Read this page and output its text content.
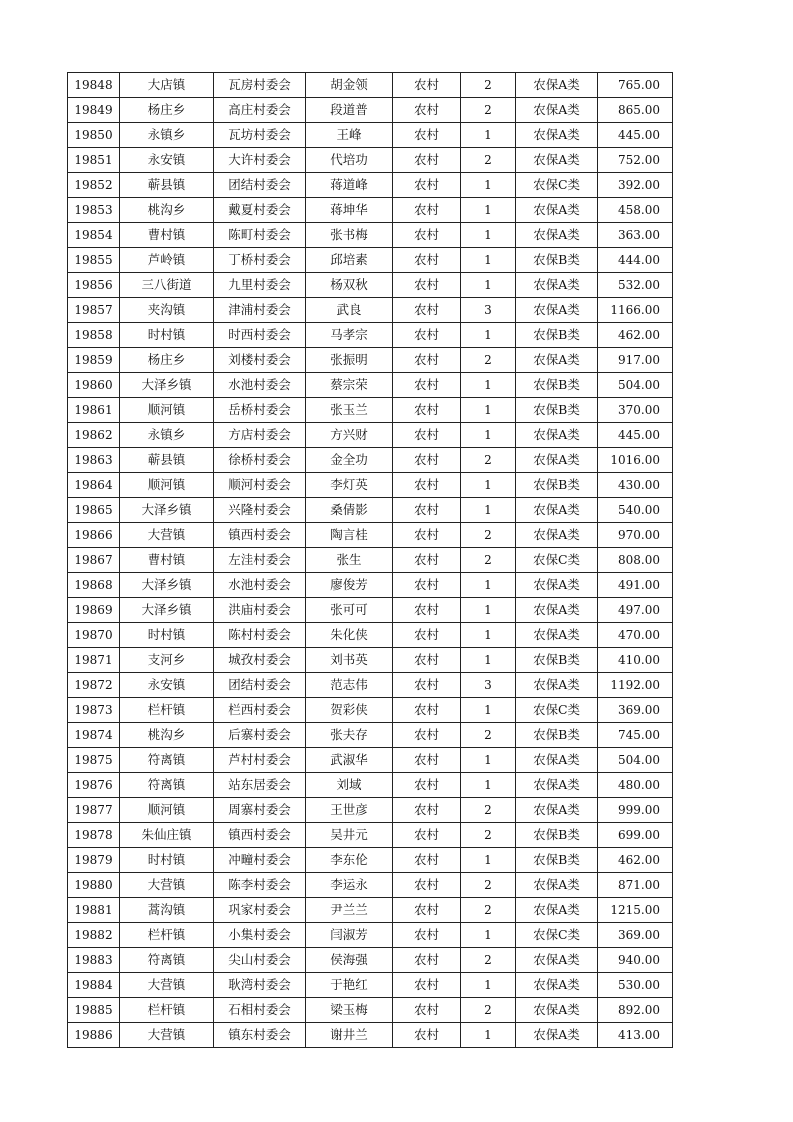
19848	大店镇	瓦房村委会	胡金领	农村	2	农保A类	765.00
19849	杨庄乡	高庄村委会	段道普	农村	2	农保A类	865.00
19850	永镇乡	瓦坊村委会	王峰	农村	1	农保A类	445.00
19851	永安镇	大许村委会	代培功	农村	2	农保A类	752.00
19852	蕲县镇	团结村委会	蒋道峰	农村	1	农保C类	392.00
19853	桃沟乡	戴夏村委会	蒋坤华	农村	1	农保A类	458.00
19854	曹村镇	陈町村委会	张书梅	农村	1	农保A类	363.00
19855	芦岭镇	丁桥村委会	邱培素	农村	1	农保B类	444.00
19856	三八街道	九里村委会	杨双秋	农村	1	农保A类	532.00
19857	夹沟镇	津浦村委会	武良	农村	3	农保A类	1166.00
19858	时村镇	时西村委会	马孝宗	农村	1	农保B类	462.00
19859	杨庄乡	刘楼村委会	张振明	农村	2	农保A类	917.00
19860	大泽乡镇	水池村委会	蔡宗荣	农村	1	农保B类	504.00
19861	顺河镇	岳桥村委会	张玉兰	农村	1	农保B类	370.00
19862	永镇乡	方店村委会	方兴财	农村	1	农保A类	445.00
19863	蕲县镇	徐桥村委会	金全功	农村	2	农保A类	1016.00
19864	顺河镇	顺河村委会	李灯英	农村	1	农保B类	430.00
19865	大泽乡镇	兴隆村委会	桑倩影	农村	1	农保A类	540.00
19866	大营镇	镇西村委会	陶言桂	农村	2	农保A类	970.00
19867	曹村镇	左洼村委会	张生	农村	2	农保C类	808.00
19868	大泽乡镇	水池村委会	廖俊芳	农村	1	农保A类	491.00
19869	大泽乡镇	洪庙村委会	张可可	农村	1	农保A类	497.00
19870	时村镇	陈村村委会	朱化侠	农村	1	农保A类	470.00
19871	支河乡	城孜村委会	刘书英	农村	1	农保B类	410.00
19872	永安镇	团结村委会	范志伟	农村	3	农保A类	1192.00
19873	栏杆镇	栏西村委会	贺彩侠	农村	1	农保C类	369.00
19874	桃沟乡	后寨村委会	张夫存	农村	2	农保B类	745.00
19875	符离镇	芦村村委会	武淑华	农村	1	农保A类	504.00
19876	符离镇	站东居委会	刘域	农村	1	农保A类	480.00
19877	顺河镇	周寨村委会	王世彦	农村	2	农保A类	999.00
19878	朱仙庄镇	镇西村委会	吴井元	农村	2	农保B类	699.00
19879	时村镇	冲疃村委会	李东伦	农村	1	农保B类	462.00
19880	大营镇	陈李村委会	李运永	农村	2	农保A类	871.00
19881	蒿沟镇	巩家村委会	尹兰兰	农村	2	农保A类	1215.00
19882	栏杆镇	小集村委会	闫淑芳	农村	1	农保C类	369.00
19883	符离镇	尖山村委会	侯海强	农村	2	农保A类	940.00
19884	大营镇	耿湾村委会	于艳红	农村	1	农保A类	530.00
19885	栏杆镇	石相村委会	梁玉梅	农村	2	农保A类	892.00
19886	大营镇	镇东村委会	谢井兰	农村	1	农保A类	413.00
